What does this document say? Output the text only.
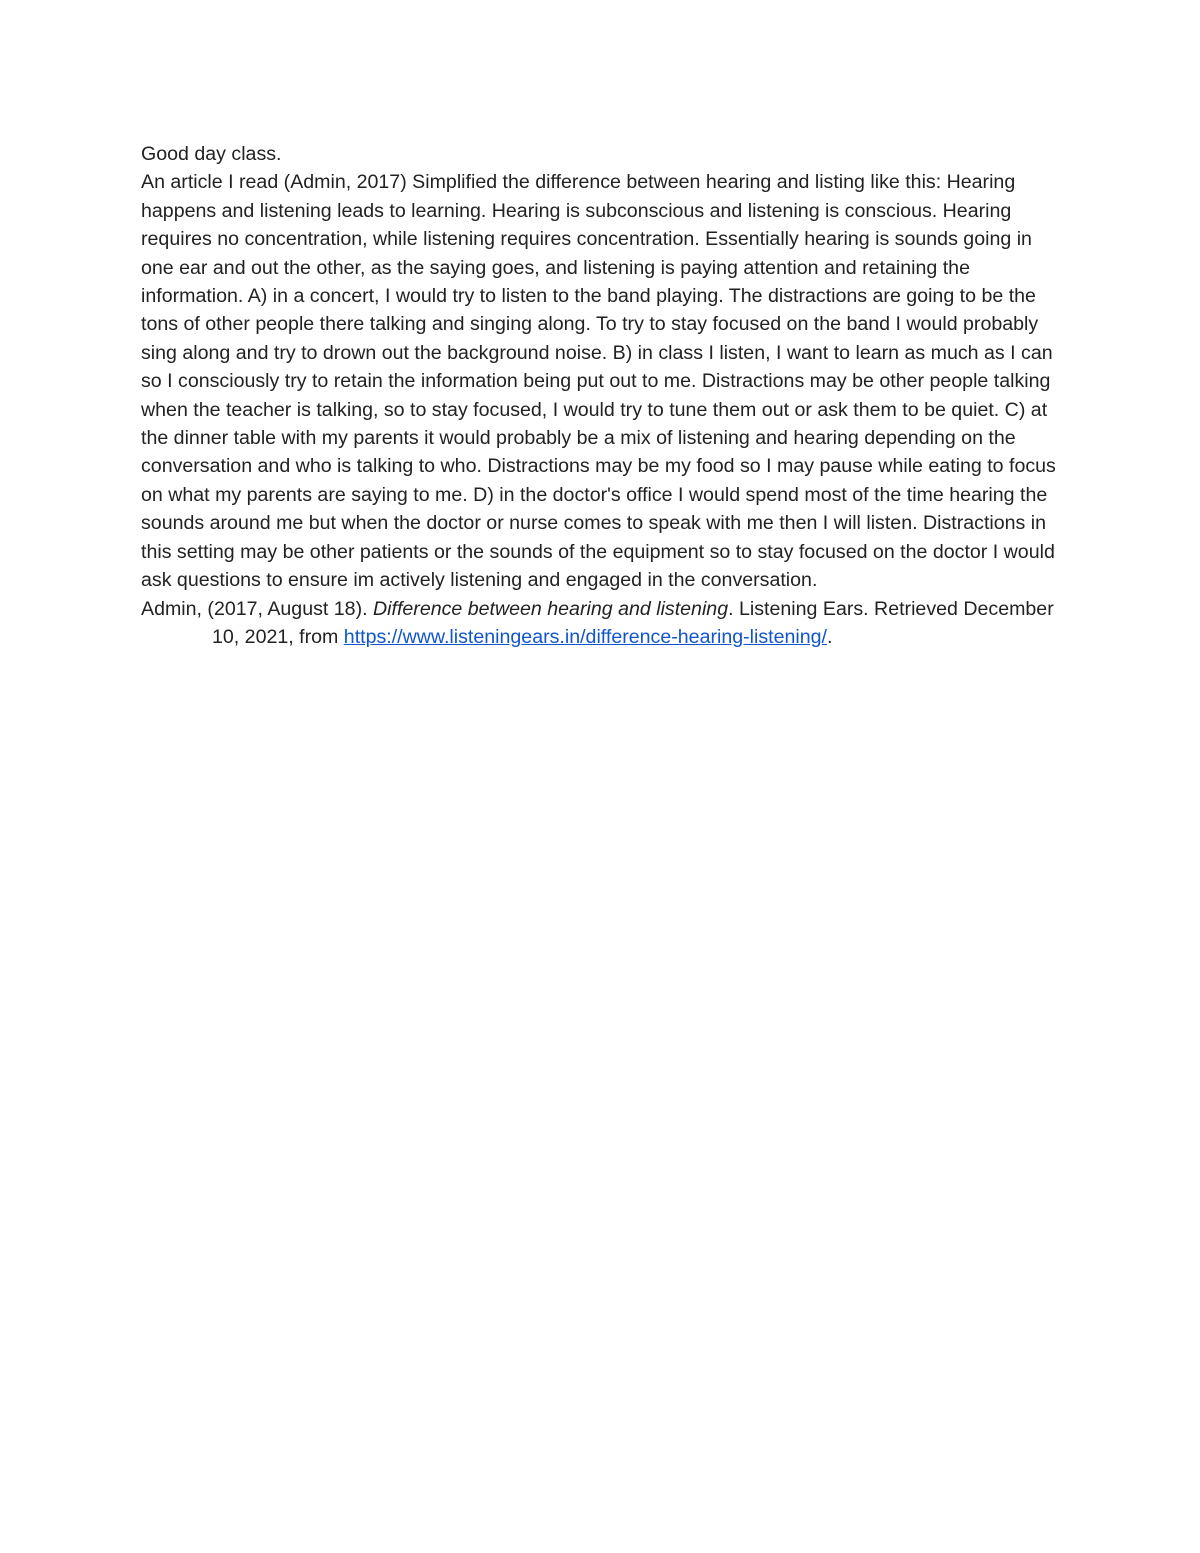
Good day class.

An article I read (Admin, 2017) Simplified the difference between hearing and listing like this: Hearing happens and listening leads to learning. Hearing is subconscious and listening is conscious. Hearing requires no concentration, while listening requires concentration. Essentially hearing is sounds going in one ear and out the other, as the saying goes, and listening is paying attention and retaining the information. A) in a concert, I would try to listen to the band playing. The distractions are going to be the tons of other people there talking and singing along. To try to stay focused on the band I would probably sing along and try to drown out the background noise. B) in class I listen, I want to learn as much as I can so I consciously try to retain the information being put out to me. Distractions may be other people talking when the teacher is talking, so to stay focused, I would try to tune them out or ask them to be quiet. C) at the dinner table with my parents it would probably be a mix of listening and hearing depending on the conversation and who is talking to who. Distractions may be my food so I may pause while eating to focus on what my parents are saying to me. D) in the doctor's office I would spend most of the time hearing the sounds around me but when the doctor or nurse comes to speak with me then I will listen. Distractions in this setting may be other patients or the sounds of the equipment so to stay focused on the doctor I would ask questions to ensure im actively listening and engaged in the conversation.

Admin, (2017, August 18). Difference between hearing and listening. Listening Ears. Retrieved December 10, 2021, from https://www.listeningears.in/difference-hearing-listening/.
